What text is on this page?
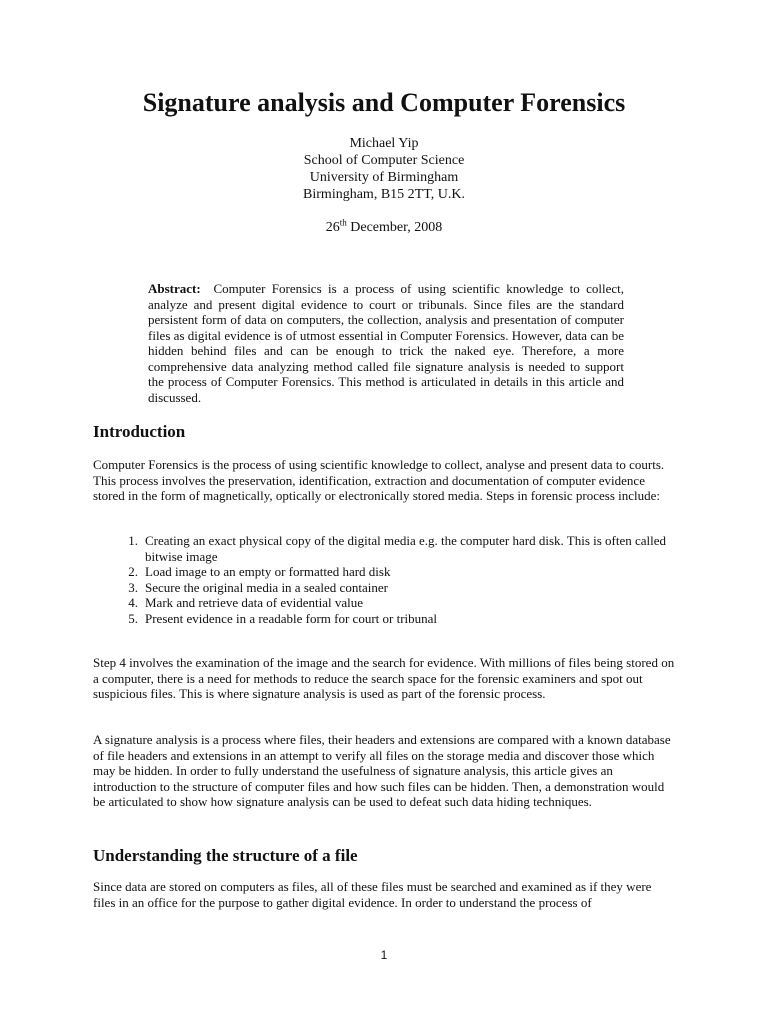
Signature analysis and Computer Forensics
Michael Yip
School of Computer Science
University of Birmingham
Birmingham, B15 2TT, U.K.
26th December, 2008

Abstract: Computer Forensics is a process of using scientific knowledge to collect, analyze and present digital evidence to court or tribunals. Since files are the standard persistent form of data on computers, the collection, analysis and presentation of computer files as digital evidence is of utmost essential in Computer Forensics. However, data can be hidden behind files and can be enough to trick the naked eye. Therefore, a more comprehensive data analyzing method called file signature analysis is needed to support the process of Computer Forensics. This method is articulated in details in this article and discussed.

Introduction

Computer Forensics is the process of using scientific knowledge to collect, analyse and present data to courts. This process involves the preservation, identification, extraction and documentation of computer evidence stored in the form of magnetically, optically or electronically stored media. Steps in forensic process include:

1. Creating an exact physical copy of the digital media e.g. the computer hard disk. This is often called bitwise image
2. Load image to an empty or formatted hard disk
3. Secure the original media in a sealed container
4. Mark and retrieve data of evidential value
5. Present evidence in a readable form for court or tribunal

Step 4 involves the examination of the image and the search for evidence. With millions of files being stored on a computer, there is a need for methods to reduce the search space for the forensic examiners and spot out suspicious files. This is where signature analysis is used as part of the forensic process.

A signature analysis is a process where files, their headers and extensions are compared with a known database of file headers and extensions in an attempt to verify all files on the storage media and discover those which may be hidden. In order to fully understand the usefulness of signature analysis, this article gives an introduction to the structure of computer files and how such files can be hidden. Then, a demonstration would be articulated to show how signature analysis can be used to defeat such data hiding techniques.

Understanding the structure of a file

Since data are stored on computers as files, all of these files must be searched and examined as if they were files in an office for the purpose to gather digital evidence. In order to understand the process of

1
